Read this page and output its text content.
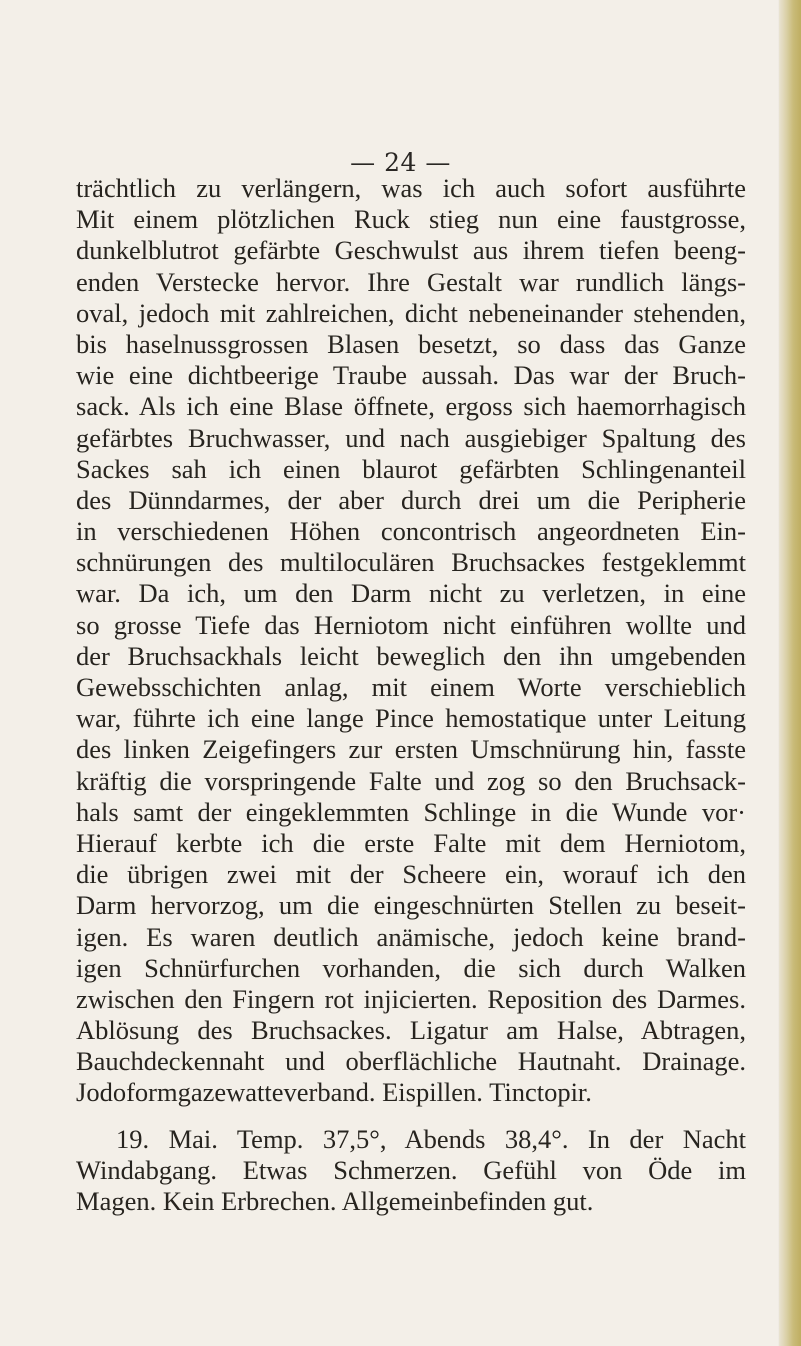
— 24 —
trächtlich zu verlängern, was ich auch sofort ausführte
Mit einem plötzlichen Ruck stieg nun eine faustgrosse,
dunkelblutrot gefärbte Geschwulst aus ihrem tiefen beeng-
enden Verstecke hervor. Ihre Gestalt war rundlich längs-
oval, jedoch mit zahlreichen, dicht nebeneinander stehenden,
bis haselnussgrossen Blasen besetzt, so dass das Ganze
wie eine dichtbeerige Traube aussah. Das war der Bruch-
sack. Als ich eine Blase öffnete, ergoss sich haemorrhagisch
gefärbtes Bruchwasser, und nach ausgiebiger Spaltung des
Sackes sah ich einen blaurot gefärbten Schlingenanteil
des Dünndarmes, der aber durch drei um die Peripherie
in verschiedenen Höhen concontrisch angeordneten Ein-
schnürungen des multiloculären Bruchsackes festgeklemmt
war. Da ich, um den Darm nicht zu verletzen, in eine
so grosse Tiefe das Herniotom nicht einführen wollte und
der Bruchsackhals leicht beweglich den ihn umgebenden
Gewebsschichten anlag, mit einem Worte verschieblich
war, führte ich eine lange Pince hemostatique unter Leitung
des linken Zeigefingers zur ersten Umschnürung hin, fasste
kräftig die vorspringende Falte und zog so den Bruchsack-
hals samt der eingeklemmten Schlinge in die Wunde vor·
Hierauf kerbte ich die erste Falte mit dem Herniotom,
die übrigen zwei mit der Scheere ein, worauf ich den
Darm hervorzog, um die eingeschnürten Stellen zu beseit-
igen. Es waren deutlich anämische, jedoch keine brand-
igen Schnürfurchen vorhanden, die sich durch Walken
zwischen den Fingern rot injicierten. Reposition des Darmes.
Ablösung des Bruchsackes. Ligatur am Halse, Abtragen,
Bauchdeckennaht und oberflächliche Hautnaht. Drainage.
Jodoformgazewatteverband. Eispillen. Tinctopir.
19. Mai. Temp. 37,5°, Abends 38,4°. In der Nacht
Windabgang. Etwas Schmerzen. Gefühl von Öde im
Magen. Kein Erbrechen. Allgemeinbefinden gut.
